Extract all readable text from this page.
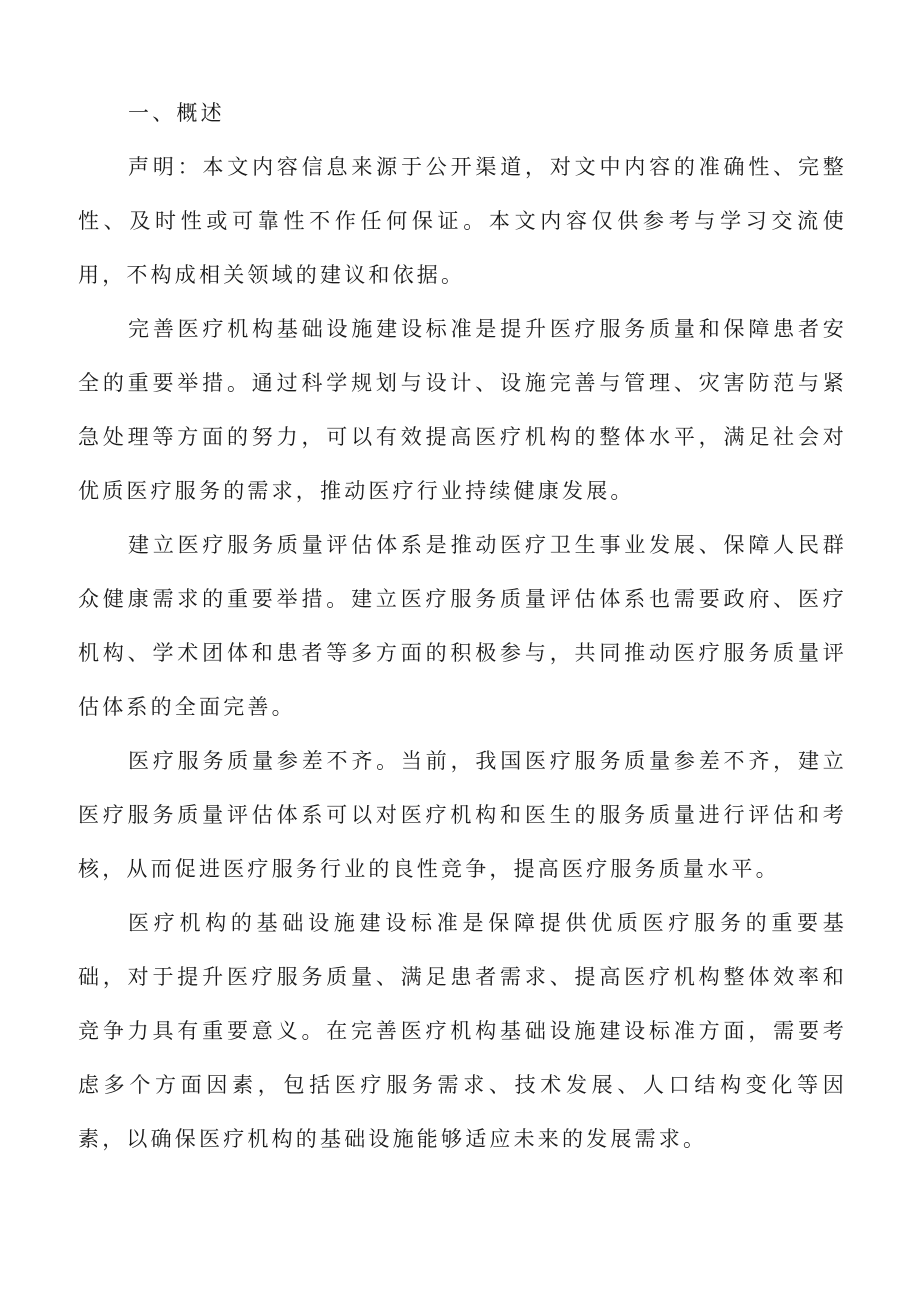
一、概述

声明：本文内容信息来源于公开渠道，对文中内容的准确性、完整性、及时性或可靠性不作任何保证。本文内容仅供参考与学习交流使用，不构成相关领域的建议和依据。

完善医疗机构基础设施建设标准是提升医疗服务质量和保障患者安全的重要举措。通过科学规划与设计、设施完善与管理、灾害防范与紧急处理等方面的努力，可以有效提高医疗机构的整体水平，满足社会对优质医疗服务的需求，推动医疗行业持续健康发展。

建立医疗服务质量评估体系是推动医疗卫生事业发展、保障人民群众健康需求的重要举措。建立医疗服务质量评估体系也需要政府、医疗机构、学术团体和患者等多方面的积极参与，共同推动医疗服务质量评估体系的全面完善。

医疗服务质量参差不齐。当前，我国医疗服务质量参差不齐，建立医疗服务质量评估体系可以对医疗机构和医生的服务质量进行评估和考核，从而促进医疗服务行业的良性竞争，提高医疗服务质量水平。

医疗机构的基础设施建设标准是保障提供优质医疗服务的重要基础，对于提升医疗服务质量、满足患者需求、提高医疗机构整体效率和竞争力具有重要意义。在完善医疗机构基础设施建设标准方面，需要考虑多个方面因素，包括医疗服务需求、技术发展、人口结构变化等因素，以确保医疗机构的基础设施能够适应未来的发展需求。
